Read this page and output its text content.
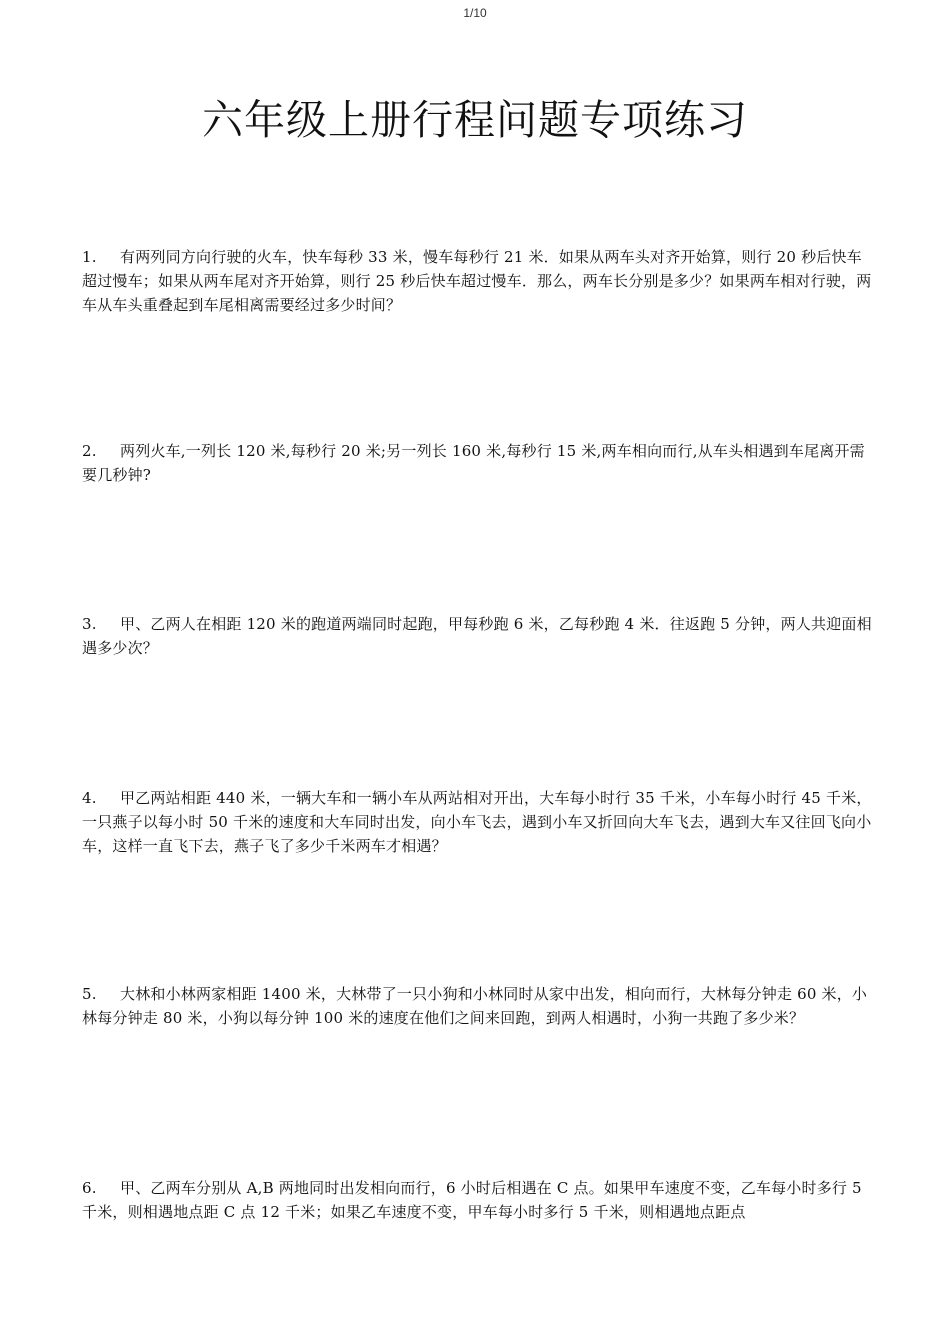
1/10
六年级上册行程问题专项练习

1. 有两列同方向行驶的火车，快车每秒 33 米，慢车每秒行 21 米．如果从两车头对齐开始算，则行 20 秒后快车超过慢车；如果从两车尾对齐开始算，则行 25 秒后快车超过慢车．那么，两车长分别是多少？如果两车相对行驶，两车从车头重叠起到车尾相离需要经过多少时间？

2. 两列火车,一列长 120 米,每秒行 20 米;另一列长 160 米,每秒行 15 米,两车相向而行,从车头相遇到车尾离开需要几秒钟?

3. 甲、乙两人在相距 120 米的跑道两端同时起跑，甲每秒跑 6 米，乙每秒跑 4 米．往返跑 5 分钟，两人共迎面相遇多少次？

4. 甲乙两站相距 440 米，一辆大车和一辆小车从两站相对开出，大车每小时行 35 千米，小车每小时行 45 千米，一只燕子以每小时 50 千米的速度和大车同时出发，向小车飞去，遇到小车又折回向大车飞去，遇到大车又往回飞向小车，这样一直飞下去，燕子飞了多少千米两车才相遇？

5. 大林和小林两家相距 1400 米，大林带了一只小狗和小林同时从家中出发，相向而行，大林每分钟走 60 米，小林每分钟走 80 米，小狗以每分钟 100 米的速度在他们之间来回跑，到两人相遇时，小狗一共跑了多少米？

6. 甲、乙两车分别从 A,B 两地同时出发相向而行，6 小时后相遇在 C 点。如果甲车速度不变，乙车每小时多行 5 千米，则相遇地点距 C 点 12 千米；如果乙车速度不变，甲车每小时多行 5 千米，则相遇地点距点
